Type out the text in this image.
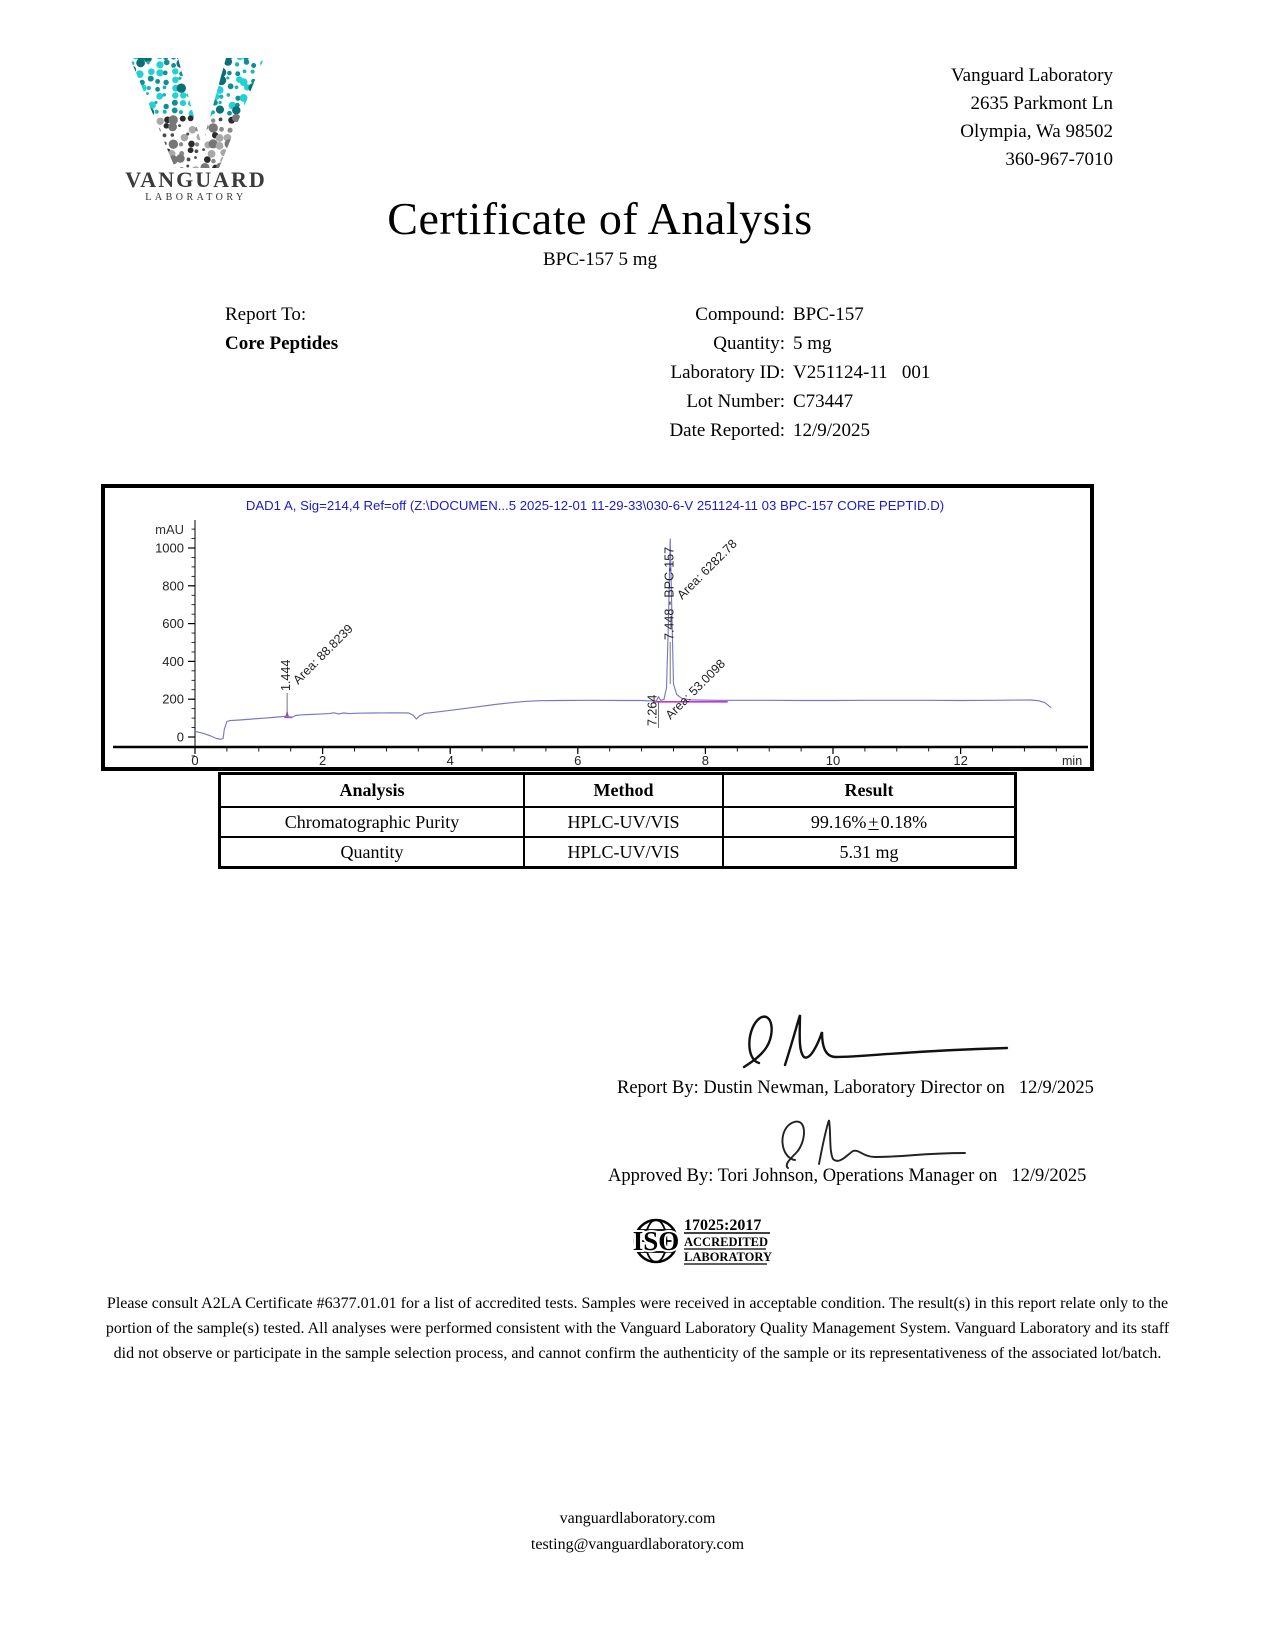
VANGUARD
LABORATORY
Vanguard Laboratory
2635 Parkmont Ln
Olympia, Wa 98502
360-967-7010
Certificate of Analysis
BPC-157 5 mg
Report To:
Core Peptides
Compound: BPC-157
Quantity: 5 mg
Laboratory ID: V251124-11   001
Lot Number: C73447
Date Reported: 12/9/2025
DAD1 A, Sig=214,4 Ref=off (Z:\DOCUMEN...5 2025-12-01 11-29-33\030-6-V 251124-11 03 BPC-157 CORE PEPTID.D)
mAU
0
200
400
600
800
1000
0	2	4	6	8	10	12	min
1.444
Area: 88.8239
7.264 Area: 53.0098
7.448 - BPC-157
Area: 6282.78
Analysis	Method	Result
Chromatographic Purity	HPLC-UV/VIS	99.16% + 0.18%
Quantity	HPLC-UV/VIS	5.31 mg
Report By: Dustin Newman, Laboratory Director on 12/9/2025
Approved By: Tori Johnson, Operations Manager on 12/9/2025
ISO
17025:2017
ACCREDITED
LABORATORY
Please consult A2LA Certificate #6377.01.01 for a list of accredited tests. Samples were received in acceptable condition. The result(s) in this report relate only to the portion of the sample(s) tested. All analyses were performed consistent with the Vanguard Laboratory Quality Management System. Vanguard Laboratory and its staff did not observe or participate in the sample selection process, and cannot confirm the authenticity of the sample or its representativeness of the associated lot/batch.
vanguardlaboratory.com
testing@vanguardlaboratory.com
